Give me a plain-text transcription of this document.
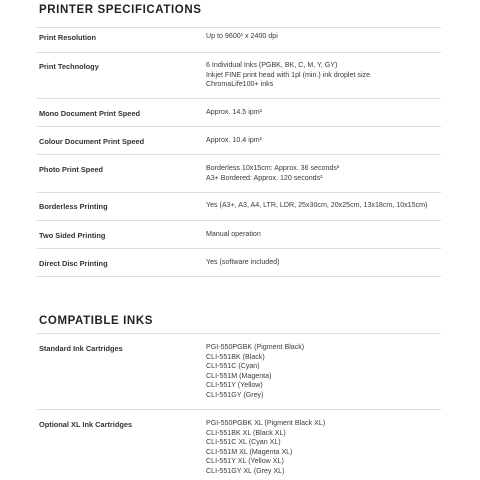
PRINTER SPECIFICATIONS
Print Resolution	Up to 9600¹ x 2400 dpi
Print Technology	6 Individual Inks (PGBK, BK, C, M, Y, GY)
Inkjet FINE print head with 1pl (min.) ink droplet size
ChromaLife100+ inks
Mono Document Print Speed	Approx. 14.5 ipm²
Colour Document Print Speed	Approx. 10.4 ipm²
Photo Print Speed	Borderless 10x15cm: Approx. 36 seconds²
A3+ Bordered: Approx. 120 seconds²
Borderless Printing	Yes (A3+, A3, A4, LTR, LDR, 25x30cm, 20x25cm, 13x18cm, 10x15cm)
Two Sided Printing	Manual operation
Direct Disc Printing	Yes (software included)
COMPATIBLE INKS
Standard Ink Cartridges	PGI-550PGBK (Pigment Black)
CLI-551BK (Black)
CLI-551C (Cyan)
CLI-551M (Magenta)
CLI-551Y (Yellow)
CLI-551GY (Grey)
Optional XL Ink Cartridges	PGI-550PGBK XL (Pigment Black XL)
CLI-551BK XL (Black XL)
CLI-551C XL (Cyan XL)
CLI-551M XL (Magenta XL)
CLI-551Y XL (Yellow XL)
CLI-551GY XL (Grey XL)
